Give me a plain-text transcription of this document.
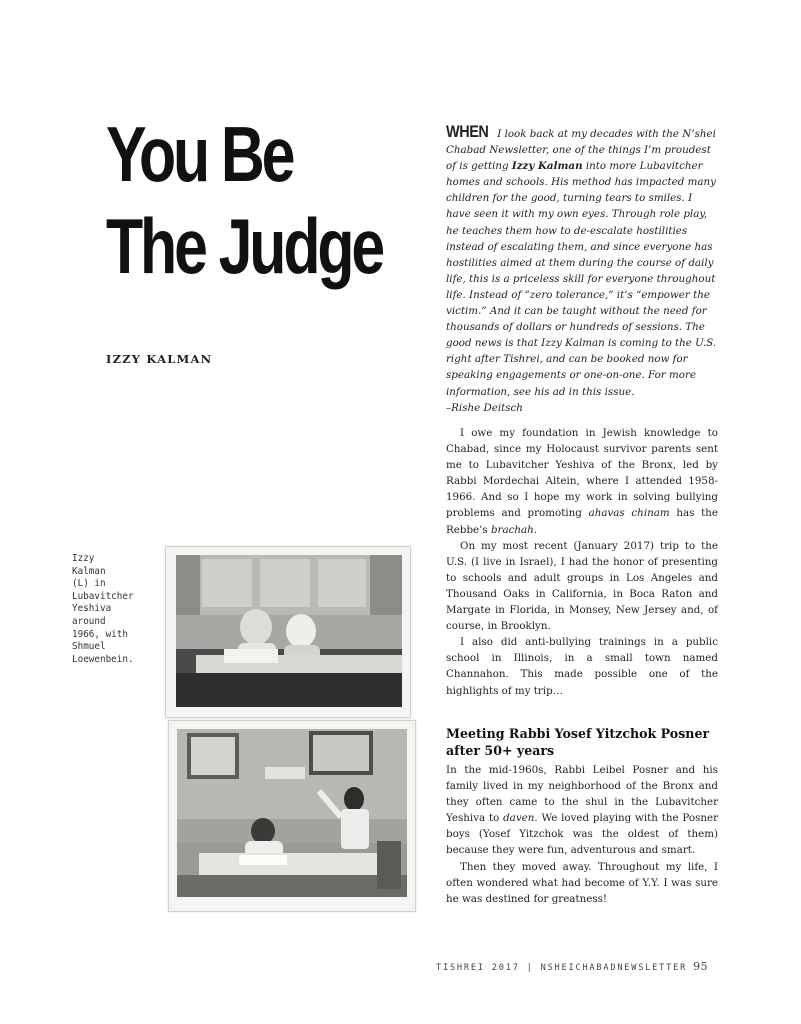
You Be
The Judge
IZZY KALMAN
Izzy
Kalman
(L) in
Lubavitcher
Yeshiva
around
1966, with
Shmuel
Loewenbein.
WHEN I look back at my decades with the N’shei Chabad Newsletter, one of the things I’m proudest of is getting Izzy Kalman into more Lubavitcher homes and schools. His method has impacted many children for the good, turning tears to smiles. I have seen it with my own eyes. Through role play, he teaches them how to de-escalate hostilities instead of escalating them, and since everyone has hostilities aimed at them during the course of daily life, this is a priceless skill for everyone throughout life. Instead of “zero tolerance,” it’s “empower the victim.” And it can be taught without the need for thousands of dollars or hundreds of sessions. The good news is that Izzy Kalman is coming to the U.S. right after Tishrei, and can be booked now for speaking engagements or one-on-one. For more information, see his ad in this issue.
–Rishe Deitsch

I owe my foundation in Jewish knowledge to Chabad, since my Holocaust survivor parents sent me to Lubavitcher Yeshiva of the Bronx, led by Rabbi Mordechai Altein, where I attended 1958-1966. And so I hope my work in solving bullying problems and promoting ahavas chinam has the Rebbe’s brachah.

On my most recent (January 2017) trip to the U.S. (I live in Israel), I had the honor of presenting to schools and adult groups in Los Angeles and Thousand Oaks in California, in Boca Raton and Margate in Florida, in Monsey, New Jersey and, of course, in Brooklyn.

I also did anti-bullying trainings in a public school in Illinois, in a small town named Channahon. This made possible one of the highlights of my trip…

Meeting Rabbi Yosef Yitzchok Posner after 50+ years

In the mid-1960s, Rabbi Leibel Posner and his family lived in my neighborhood of the Bronx and they often came to the shul in the Lubavitcher Yeshiva to daven. We loved playing with the Posner boys (Yosef Yitzchok was the oldest of them) because they were fun, adventurous and smart.

Then they moved away. Throughout my life, I often wondered what had become of Y.Y. I was sure he was destined for greatness!

TISHREI 2017 | NSHEICHABADNEWSLETTER 95
